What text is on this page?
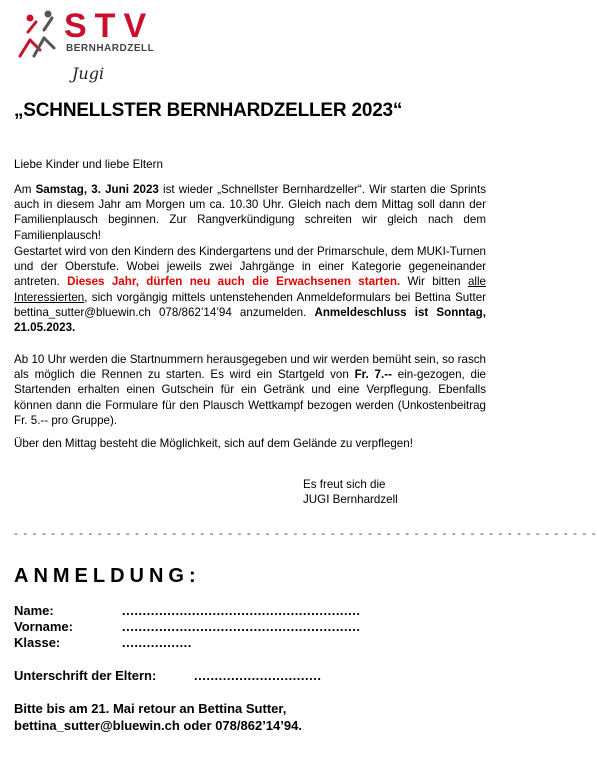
STV
BERNHARDZELL
Jugi
„SCHNELLSTER BERNHARDZELLER 2023“
Liebe Kinder und liebe Eltern
Am Samstag, 3. Juni 2023 ist wieder „Schnellster Bernhardzeller“. Wir starten die Sprints auch in diesem Jahr am Morgen um ca. 10.30 Uhr. Gleich nach dem Mittag soll dann der Familienplausch beginnen. Zur Rangverkündigung schreiten wir gleich nach dem Familienplausch!
Gestartet wird von den Kindern des Kindergartens und der Primarschule, dem MUKI-Turnen und der Oberstufe. Wobei jeweils zwei Jahrgänge in einer Kategorie gegeneinander antreten. Dieses Jahr, dürfen neu auch die Erwachsenen starten. Wir bitten alle Interessierten, sich vorgängig mittels untenstehenden Anmeldeformulars bei Bettina Sutter bettina_sutter@bluewin.ch 078/862’14’94 anzumelden. Anmeldeschluss ist Sonntag, 21.05.2023.
Ab 10 Uhr werden die Startnummern herausgegeben und wir werden bemüht sein, so rasch als möglich die Rennen zu starten. Es wird ein Startgeld von Fr. 7.-- ein-gezogen, die Startenden erhalten einen Gutschein für ein Getränk und eine Verpflegung. Ebenfalls können dann die Formulare für den Plausch Wettkampf bezogen werden (Unkostenbeitrag Fr. 5.-- pro Gruppe).
Über den Mittag besteht die Möglichkeit, sich auf dem Gelände zu verpflegen!
Es freut sich die
JUGI Bernhardzell
- - - - - - - - - - - - - - - - - - - - - - - - - - - - - - - - - - - - - - - - - - - - - - - - - - - - - - - - - - - - - - -
ANMELDUNG:
Name:	..........................................................
Vorname:	..........................................................
Klasse:	.................
Unterschrift der Eltern:	...............................
Bitte bis am 21. Mai retour an Bettina Sutter,
bettina_sutter@bluewin.ch oder 078/862’14’94.
